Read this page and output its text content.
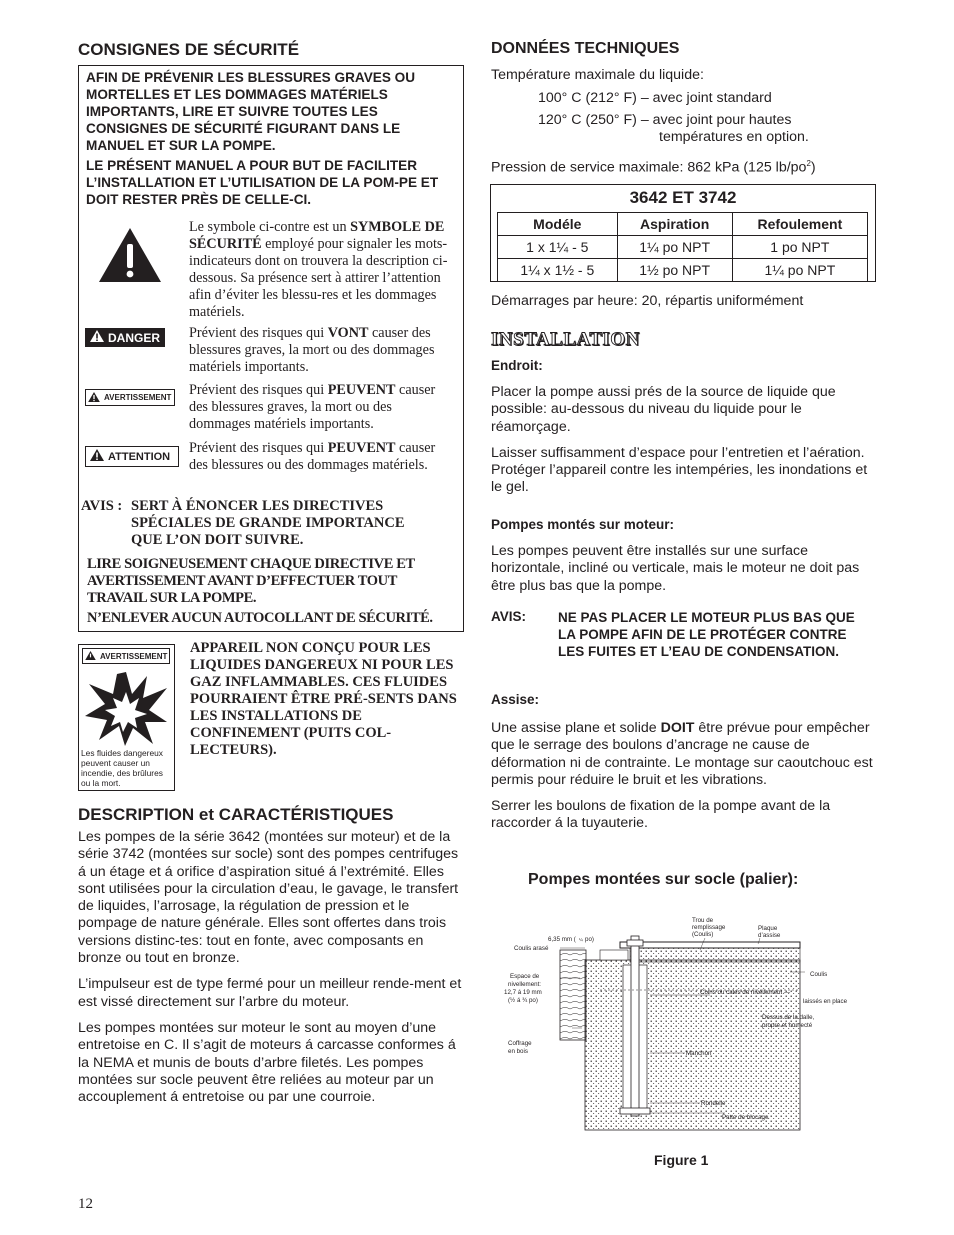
CONSIGNES DE SÉCURITÉ
AFIN DE PRÉVENIR LES BLESSURES GRAVES OU MORTELLES ET LES DOMMAGES MATÉRIELS IMPORTANTS, LIRE ET SUIVRE TOUTES LES CONSIGNES DE SÉCURITÉ FIGURANT DANS LE MANUEL ET SUR LA POMPE.
LE PRÉSENT MANUEL A POUR BUT DE FACILITER L’INSTALLATION ET L’UTILISATION DE LA POM-PE ET DOIT RESTER PRÈS DE CELLE-CI.
Le symbole ci-contre est un SYMBOLE DE SÉCURITÉ employé pour signaler les mots-indicateurs dont on trouvera la description ci-dessous. Sa présence sert à attirer l’attention afin d’éviter les blessu-res et les dommages matériels.
DANGER Prévient des risques qui VONT causer des blessures graves, la mort ou des dommages matériels importants.
AVERTISSEMENT Prévient des risques qui PEUVENT causer des blessures graves, la mort ou des dommages matériels importants.
ATTENTION
Prévient des risques qui PEUVENT causer des blessures ou des dommages matériels.
AVIS : SERT À ÉNONCER LES DIRECTIVES SPÉCIALES DE GRANDE IMPORTANCE QUE L’ON DOIT SUIVRE.
LIRE SOIGNEUSEMENT CHAQUE DIRECTIVE ET AVERTISSEMENT AVANT D’EFFECTUER TOUT TRAVAIL SUR LA POMPE.
N’ENLEVER AUCUN AUTOCOLLANT DE SÉCURITÉ.
AVERTISSEMENT
Les fluides dangereux peuvent causer un incendie, des brûlures ou la mort.
APPAREIL NON CONÇU POUR LES LIQUIDES DANGEREUX NI POUR LES GAZ INFLAMMABLES. CES FLUIDES POURRAIENT ÊTRE PRÉ-SENTS DANS LES INSTALLATIONS DE CONFINEMENT (PUITS COL-LECTEURS).
DESCRIPTION et CARACTÉRISTIQUES

Les pompes de la série 3642 (montées sur moteur) et de la série 3742 (montées sur socle) sont des pompes centrifuges á un étage et á orifice d’aspiration situé á l’extrémité. Elles sont utilisées pour la circulation d’eau, le gavage, le transfert de liquides, l’arrosage, la régulation de pression et le pompage de nature générale. Elles sont offertes dans trois versions distinc-tes: tout en fonte, avec composants en bronze ou tout en bronze.

L’impulseur est de type fermé pour un meilleur rende-ment et est vissé directement sur l’arbre du moteur.

Les pompes montées sur moteur le sont au moyen d’une entretoise en C. Il s’agit de moteurs á carcasse conformes á la NEMA et munis de bouts d’arbre filetés. Les pompes montées sur socle peuvent être reliées au moteur par un accouplement á entretoise ou par une courroie.

12
DONNÉES TECHNIQUES
Température maximale du liquide:
100° C (212° F) – avec joint standard
120° C (250° F) – avec joint pour hautes
températures en option.
Pression de service maximale: 862 kPa (125 $lb/po^2$)
3642 ET 3742
Modéle	Aspiration	Refoulement
1 x 1¼ - 5	1¼ po NPT	1 po NPT
1¼ x 1½ - 5	1½ po NPT	1¼ po NPT
Démarrages par heure: 20, répartis uniformément
INSTALLATION
Endroit:

Placer la pompe aussi prés de la source de liquide que possible: au-dessous du niveau du liquide pour le réamorçage.

Laisser suffisamment d’espace pour l’entretien et l’aération. Protéger l’appareil contre les intempéries, les inondations et le gel.

Pompes montés sur moteur:
Les pompes peuvent être installés sur une surface horizontale, incliné ou verticale, mais le moteur ne doit pas être plus bas que la pompe.
AVIS: NE PAS PLACER LE MOTEUR PLUS BAS QUE LA POMPE AFIN DE LE PROTÉGER CONTRE LES FUITES ET L’EAU DE CONDENSATION.
Assise:

Une assise plane et solide DOIT être prévue pour empêcher que le serrage des boulons d’ancrage ne cause de déformation ni de contrainte. Le montage sur caoutchouc est permis pour réduire le bruit et les vibrations.

Serrer les boulons de fixation de la pompe avant de la raccorder á la tuyauterie.

Pompes montées sur socle (palier):
Trou de
remplissage
(Coulis)
Plaque
d’assise
6,35 mm ( ¼ po)
Coulis arasé
Espace de
nivellement:
12,7 á 19 mm
(½ á ¾ po)
Coulis
Coins ou cales de nivellement —
laissés en place
Coffrage
en bois
Dessus de la dalle,
propre et humecté
Manchon
Rondelle
Patte de blocage
Figure 1
